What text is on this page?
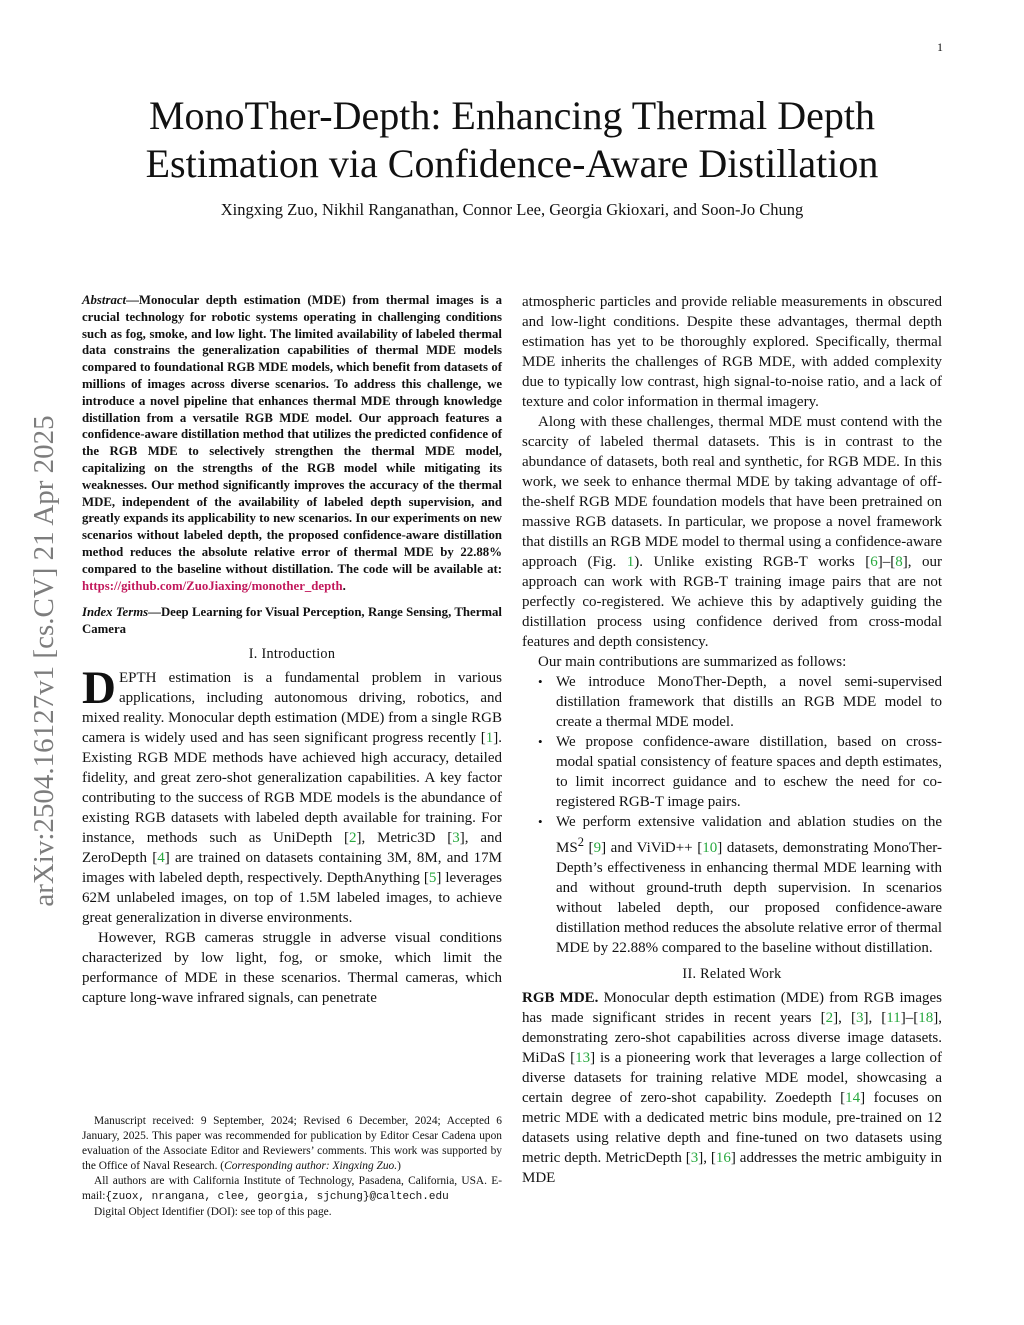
1
arXiv:2504.16127v1 [cs.CV] 21 Apr 2025
MonoTher-Depth: Enhancing Thermal Depth
Estimation via Confidence-Aware Distillation
Xingxing Zuo, Nikhil Ranganathan, Connor Lee, Georgia Gkioxari, and Soon-Jo Chung

Abstract—Monocular depth estimation (MDE) from thermal images is a crucial technology for robotic systems operating in challenging conditions such as fog, smoke, and low light. The limited availability of labeled thermal data constrains the generalization capabilities of thermal MDE models compared to foundational RGB MDE models, which benefit from datasets of millions of images across diverse scenarios. To address this challenge, we introduce a novel pipeline that enhances thermal MDE through knowledge distillation from a versatile RGB MDE model. Our approach features a confidence-aware distillation method that utilizes the predicted confidence of the RGB MDE to selectively strengthen the thermal MDE model, capitalizing on the strengths of the RGB model while mitigating its weaknesses. Our method significantly improves the accuracy of the thermal MDE, independent of the availability of labeled depth supervision, and greatly expands its applicability to new scenarios. In our experiments on new scenarios without labeled depth, the proposed confidence-aware distillation method reduces the absolute relative error of thermal MDE by 22.88% compared to the baseline without distillation. The code will be available at: https://github.com/ZuoJiaxing/monother_depth.

Index Terms—Deep Learning for Visual Perception, Range Sensing, Thermal Camera

I. Introduction

DEPTH estimation is a fundamental problem in various applications, including autonomous driving, robotics, and mixed reality. Monocular depth estimation (MDE) from a single RGB camera is widely used and has seen significant progress recently [1]. Existing RGB MDE methods have achieved high accuracy, detailed fidelity, and great zero-shot generalization capabilities. A key factor contributing to the success of RGB MDE models is the abundance of existing RGB datasets with labeled depth available for training. For instance, methods such as UniDepth [2], Metric3D [3], and ZeroDepth [4] are trained on datasets containing 3M, 8M, and 17M images with labeled depth, respectively. DepthAnything [5] leverages 62M unlabeled images, on top of 1.5M labeled images, to achieve great generalization in diverse environments.

However, RGB cameras struggle in adverse visual conditions characterized by low light, fog, or smoke, which limit the performance of MDE in these scenarios. Thermal cameras, which capture long-wave infrared signals, can penetrate

Manuscript received: 9 September, 2024; Revised 6 December, 2024; Accepted 6 January, 2025. This paper was recommended for publication by Editor Cesar Cadena upon evaluation of the Associate Editor and Reviewers’ comments. This work was supported by the Office of Naval Research. (Corresponding author: Xingxing Zuo.)

All authors are with California Institute of Technology, Pasadena, California, USA. E-mail:{zuox, nrangana, clee, georgia, sjchung}@caltech.edu

Digital Object Identifier (DOI): see top of this page.

atmospheric particles and provide reliable measurements in obscured and low-light conditions. Despite these advantages, thermal depth estimation has yet to be thoroughly explored. Specifically, thermal MDE inherits the challenges of RGB MDE, with added complexity due to typically low contrast, high signal-to-noise ratio, and a lack of texture and color information in thermal imagery.

Along with these challenges, thermal MDE must contend with the scarcity of labeled thermal datasets. This is in contrast to the abundance of datasets, both real and synthetic, for RGB MDE. In this work, we seek to enhance thermal MDE by taking advantage of off-the-shelf RGB MDE foundation models that have been pretrained on massive RGB datasets. In particular, we propose a novel framework that distills an RGB MDE model to thermal using a confidence-aware approach (Fig. 1). Unlike existing RGB-T works [6]–[8], our approach can work with RGB-T training image pairs that are not perfectly co-registered. We achieve this by adaptively guiding the distillation process using confidence derived from cross-modal features and depth consistency.

Our main contributions are summarized as follows:

• We introduce MonoTher-Depth, a novel semi-supervised distillation framework that distills an RGB MDE model to create a thermal MDE model.
• We propose confidence-aware distillation, based on cross-modal spatial consistency of feature spaces and depth estimates, to limit incorrect guidance and to eschew the need for co-registered RGB-T image pairs.
• We perform extensive validation and ablation studies on the $MS^2$ [9] and ViViD++ [10] datasets, demonstrating MonoTher-Depth’s effectiveness in enhancing thermal MDE learning with and without ground-truth depth supervision. In scenarios without labeled depth, our proposed confidence-aware distillation method reduces the absolute relative error of thermal MDE by 22.88% compared to the baseline without distillation.
II. Related Work

RGB MDE. Monocular depth estimation (MDE) from RGB images has made significant strides in recent years [2], [3], [11]–[18], demonstrating zero-shot capabilities across diverse image datasets. MiDaS [13] is a pioneering work that leverages a large collection of diverse datasets for training relative MDE model, showcasing a certain degree of zero-shot capability. Zoedepth [14] focuses on metric MDE with a dedicated metric bins module, pre-trained on 12 datasets using relative depth and fine-tuned on two datasets using metric depth. MetricDepth [3], [16] addresses the metric ambiguity in MDE
